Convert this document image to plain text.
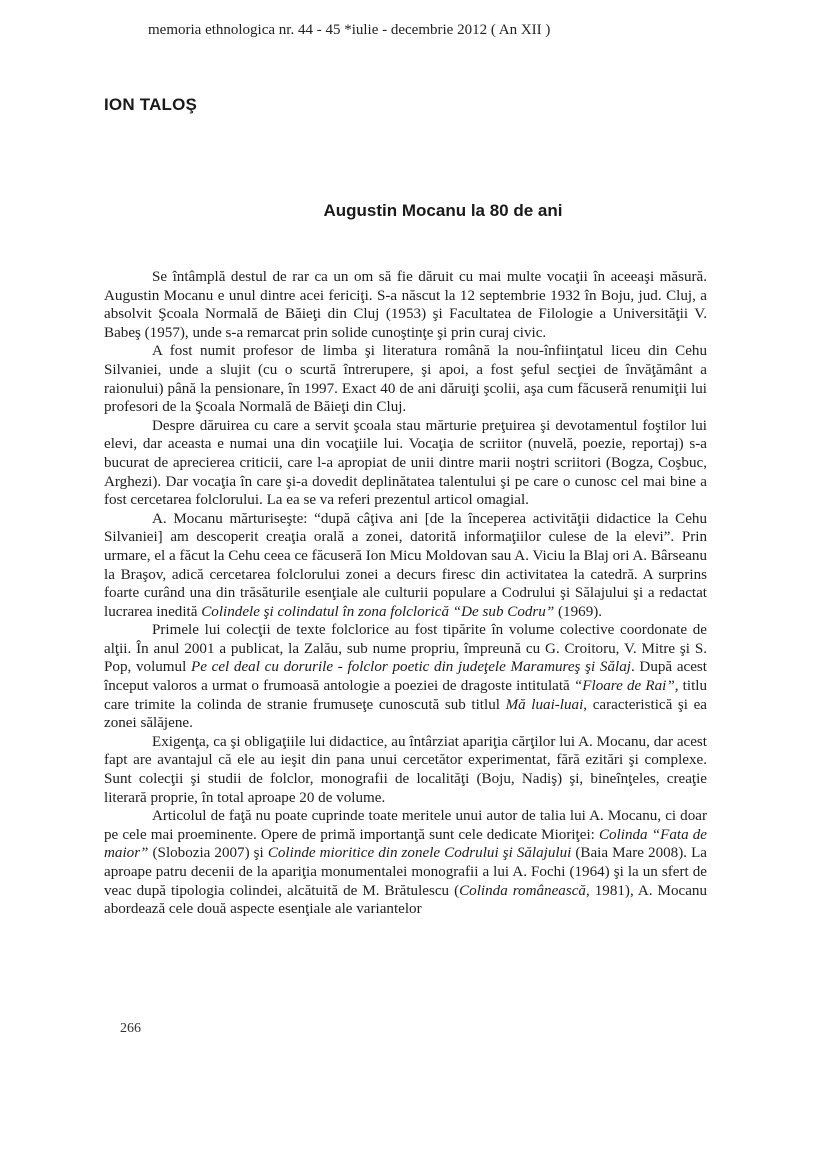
memoria ethnologica nr. 44 - 45 *iulie - decembrie 2012 ( An XII )
ION TALOŞ
Augustin Mocanu la 80 de ani

Se întâmplă destul de rar ca un om să fie dăruit cu mai multe vocaţii în aceeaşi măsură. Augustin Mocanu e unul dintre acei fericiţi. S-a născut la 12 septembrie 1932 în Boju, jud. Cluj, a absolvit Şcoala Normală de Băieţi din Cluj (1953) şi Facultatea de Filologie a Universităţii V. Babeş (1957), unde s-a remarcat prin solide cunoştinţe şi prin curaj civic.

A fost numit profesor de limba şi literatura română la nou-înfiinţatul liceu din Cehu Silvaniei, unde a slujit (cu o scurtă întrerupere, şi apoi, a fost şeful secţiei de învăţământ a raionului) până la pensionare, în 1997. Exact 40 de ani dăruiţi şcolii, aşa cum făcuseră renumiţii lui profesori de la Şcoala Normală de Băieţi din Cluj.

Despre dăruirea cu care a servit şcoala stau mărturie preţuirea şi devotamentul foştilor lui elevi, dar aceasta e numai una din vocaţiile lui. Vocaţia de scriitor (nuvelă, poezie, reportaj) s-a bucurat de aprecierea criticii, care l-a apropiat de unii dintre marii noştri scriitori (Bogza, Coşbuc, Arghezi). Dar vocaţia în care şi-a dovedit deplinătatea talentului şi pe care o cunosc cel mai bine a fost cercetarea folclorului. La ea se va referi prezentul articol omagial.

A. Mocanu mărturiseşte: “după câţiva ani [de la începerea activităţii didactice la Cehu Silvaniei] am descoperit creaţia orală a zonei, datorită informaţiilor culese de la elevi”. Prin urmare, el a făcut la Cehu ceea ce făcuseră Ion Micu Moldovan sau A. Viciu la Blaj ori A. Bârseanu la Braşov, adică cercetarea folclorului zonei a decurs firesc din activitatea la catedră. A surprins foarte curând una din trăsăturile esenţiale ale culturii populare a Codrului şi Sălajului şi a redactat lucrarea inedită Colindele şi colindatul în zona folclorică “De sub Codru” (1969).

Primele lui colecţii de texte folclorice au fost tipărite în volume colective coordonate de alţii. În anul 2001 a publicat, la Zalău, sub nume propriu, împreună cu G. Croitoru, V. Mitre şi S. Pop, volumul Pe cel deal cu dorurile - folclor poetic din judeţele Maramureş şi Sălaj. După acest început valoros a urmat o frumoasă antologie a poeziei de dragoste intitulată “Floare de Rai”, titlu care trimite la colinda de stranie frumuseţe cunoscută sub titlul Mă luai-luai, caracteristică şi ea zonei sălăjene.

Exigenţa, ca şi obligaţiile lui didactice, au întârziat apariţia cărţilor lui A. Mocanu, dar acest fapt are avantajul că ele au ieşit din pana unui cercetător experimentat, fără ezitări şi complexe. Sunt colecţii şi studii de folclor, monografii de localităţi (Boju, Nadiş) şi, bineînţeles, creaţie literară proprie, în total aproape 20 de volume.

Articolul de faţă nu poate cuprinde toate meritele unui autor de talia lui A. Mocanu, ci doar pe cele mai proeminente. Opere de primă importanţă sunt cele dedicate Mioriţei: Colinda “Fata de maior” (Slobozia 2007) şi Colinde mioritice din zonele Codrului şi Sălajului (Baia Mare 2008). La aproape patru decenii de la apariţia monumentalei monografii a lui A. Fochi (1964) şi la un sfert de veac după tipologia colindei, alcătuită de M. Brătulescu (Colinda românească, 1981), A. Mocanu abordează cele două aspecte esenţiale ale variantelor

266
